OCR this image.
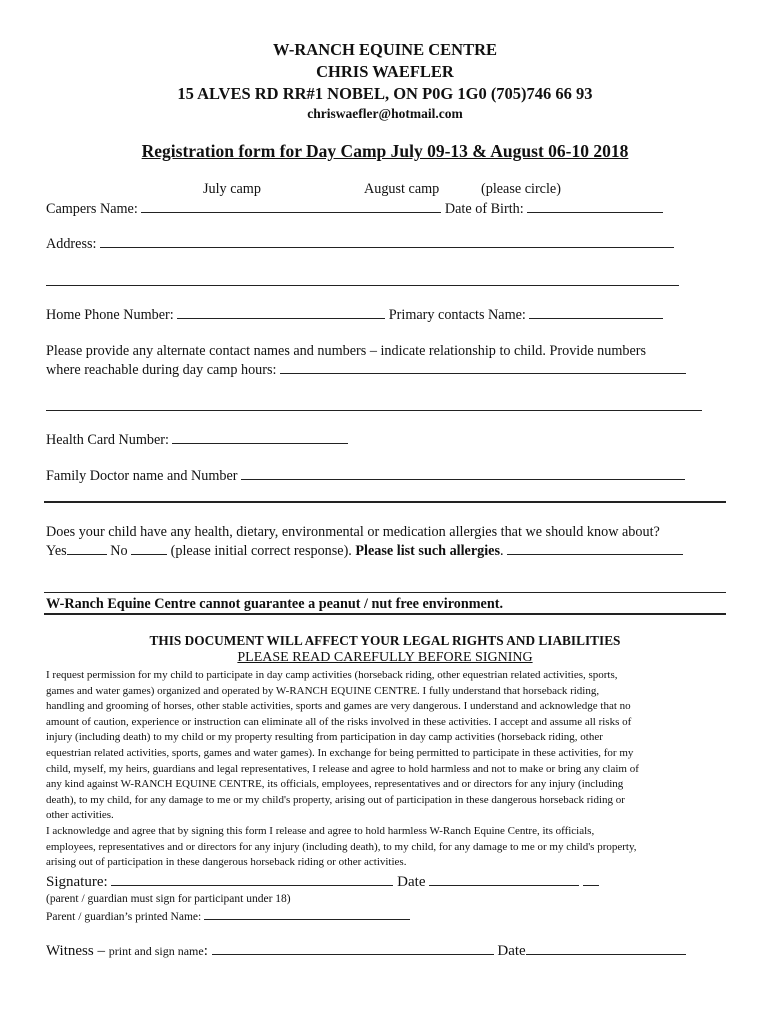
W-RANCH EQUINE CENTRE
CHRIS WAEFLER
15 ALVES RD RR#1 NOBEL, ON P0G 1G0 (705)746 66 93
chriswaefler@hotmail.com
Registration form for Day Camp July 09-13 & August 06-10 2018
July camp	August camp	(please circle)
Campers Name:	Date of Birth:
Address:
Home Phone Number:	Primary contacts Name:
Please provide any alternate contact names and numbers – indicate relationship to child. Provide numbers
where reachable during day camp hours:
Health Card Number:
Family Doctor name and Number
Does your child have any health, dietary, environmental or medication allergies that we should know about?
Yes	No	(please initial correct response). Please list such allergies.
W-Ranch Equine Centre cannot guarantee a peanut / nut free environment.
THIS DOCUMENT WILL AFFECT YOUR LEGAL RIGHTS AND LIABILITIES
PLEASE READ CAREFULLY BEFORE SIGNING

I request permission for my child to participate in day camp activities (horseback riding, other equestrian related activities, sports,

games and water games) organized and operated by W-RANCH EQUINE CENTRE. I fully understand that horseback riding,

handling and grooming of horses, other stable activities, sports and games are very dangerous. I understand and acknowledge that no

amount of caution, experience or instruction can eliminate all of the risks involved in these activities. I accept and assume all risks of

injury (including death) to my child or my property resulting from participation in day camp activities (horseback riding, other

equestrian related activities, sports, games and water games). In exchange for being permitted to participate in these activities, for my

child, myself, my heirs, guardians and legal representatives, I release and agree to hold harmless and not to make or bring any claim of

any kind against W-RANCH EQUINE CENTRE, its officials, employees, representatives and or directors for any injury (including

death), to my child, for any damage to me or my child's property, arising out of participation in these dangerous horseback riding or

other activities.

I acknowledge and agree that by signing this form I release and agree to hold harmless W-Ranch Equine Centre, its officials,

employees, representatives and or directors for any injury (including death), to my child, for any damage to me or my child's property,

arising out of participation in these dangerous horseback riding or other activities.

Signature:	Date
(parent / guardian must sign for participant under 18)
Parent / guardian’s printed Name:
Witness – print and sign name:	Date
